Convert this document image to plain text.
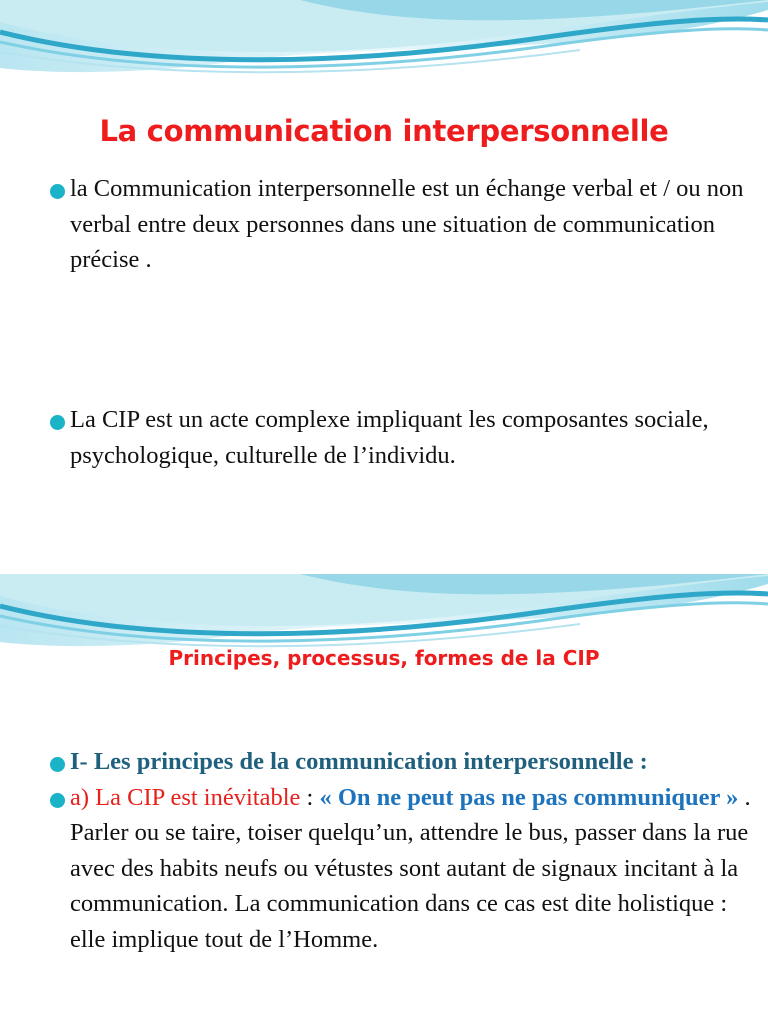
La communication interpersonnelle
la Communication interpersonnelle est un échange verbal et / ou non verbal entre deux personnes dans une situation de communication précise .
La CIP est un acte complexe impliquant les composantes sociale, psychologique, culturelle de l’individu.
Principes, processus, formes de la CIP
I- Les principes de la communication interpersonnelle :
a) La CIP est inévitable : « On ne peut pas ne pas communiquer » . Parler ou se taire, toiser quelqu’un, attendre le bus, passer dans la rue avec des habits neufs ou vétustes sont autant de signaux incitant à la communication. La communication dans ce cas est dite holistique : elle implique tout de l’Homme.
